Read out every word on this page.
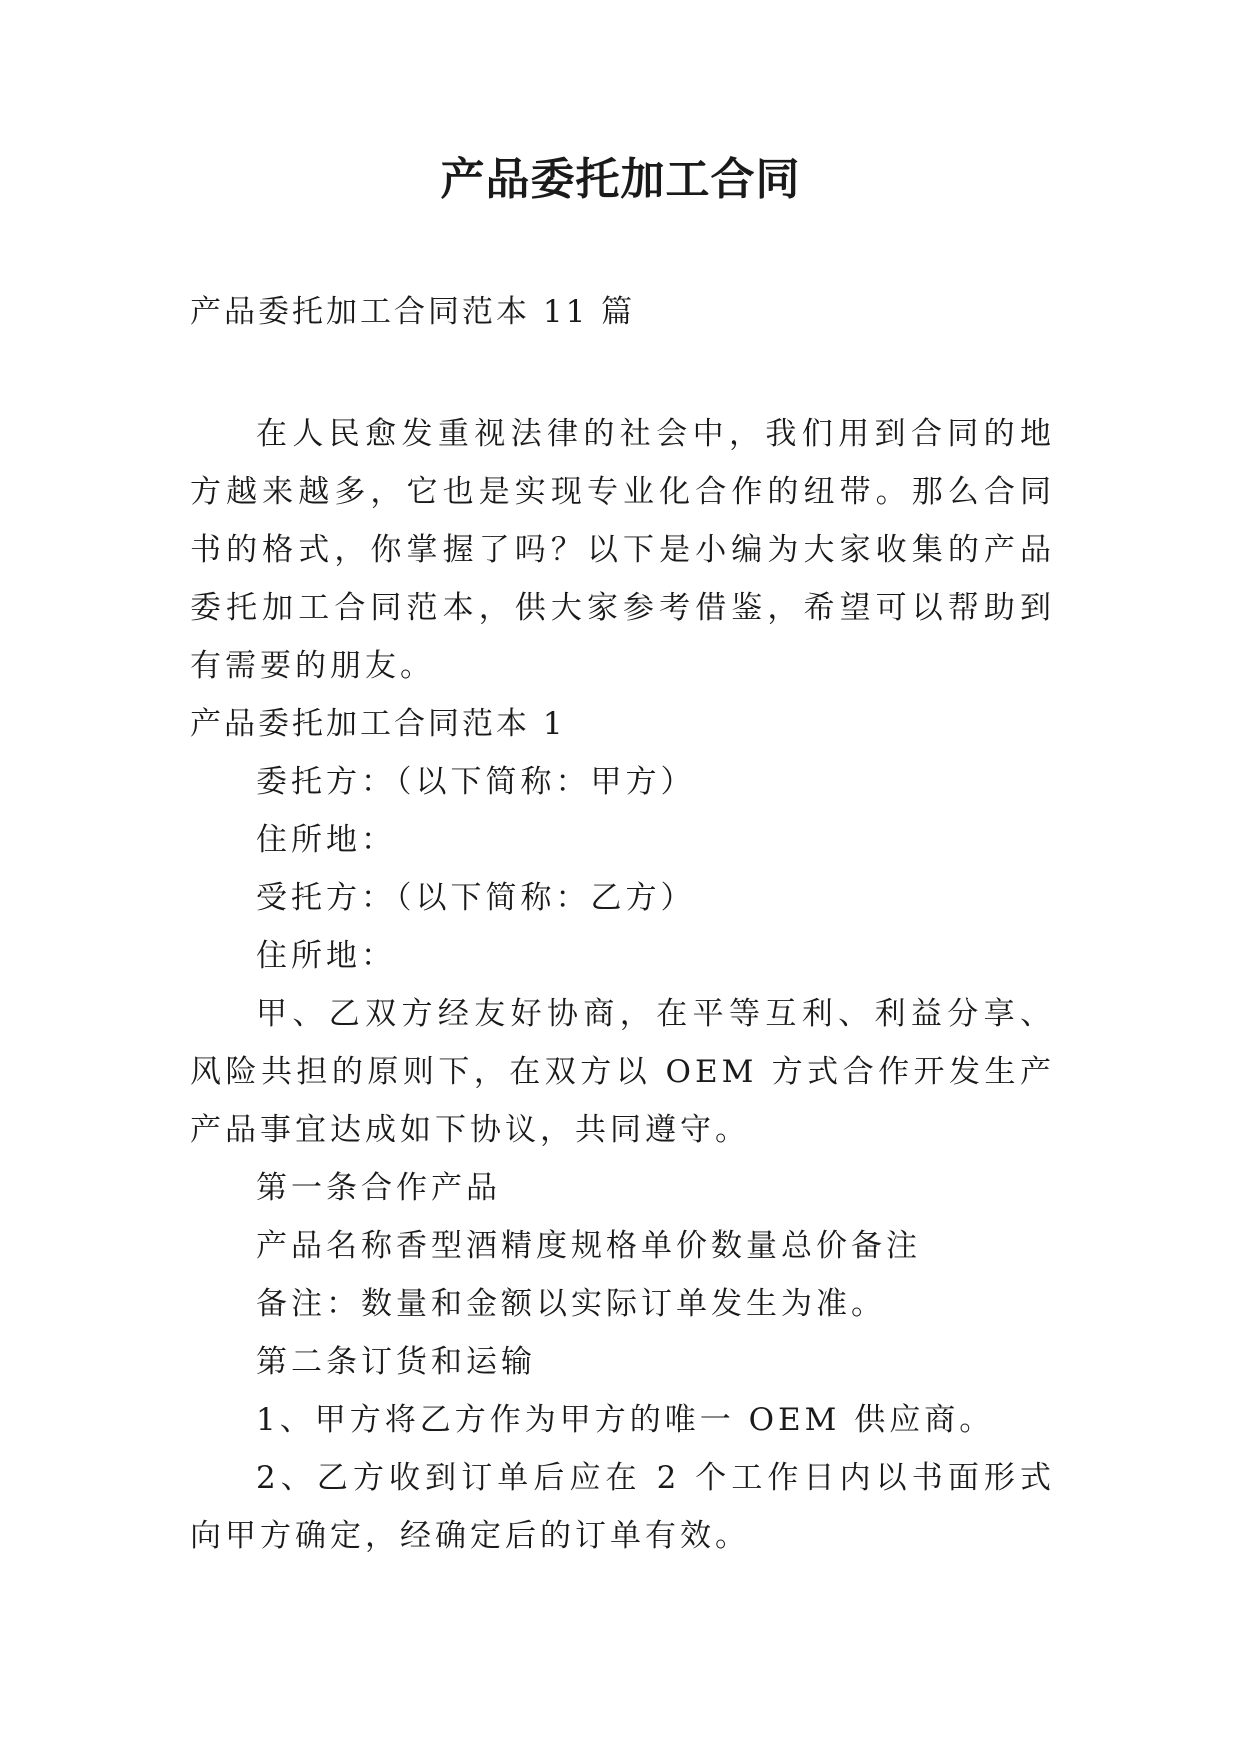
产品委托加工合同
产品委托加工合同范本 11 篇

在人民愈发重视法律的社会中，我们用到合同的地方越来越多，它也是实现专业化合作的纽带。那么合同书的格式，你掌握了吗？以下是小编为大家收集的产品委托加工合同范本，供大家参考借鉴，希望可以帮助到有需要的朋友。

产品委托加工合同范本 1

委托方：（以下简称：甲方）

住所地：

受托方：（以下简称：乙方）

住所地：

甲、乙双方经友好协商，在平等互利、利益分享、风险共担的原则下，在双方以 OEM 方式合作开发生产产品事宜达成如下协议，共同遵守。

第一条合作产品

产品名称香型酒精度规格单价数量总价备注

备注：数量和金额以实际订单发生为准。

第二条订货和运输

1、甲方将乙方作为甲方的唯一 OEM 供应商。

2、乙方收到订单后应在 2 个工作日内以书面形式向甲方确定，经确定后的订单有效。
